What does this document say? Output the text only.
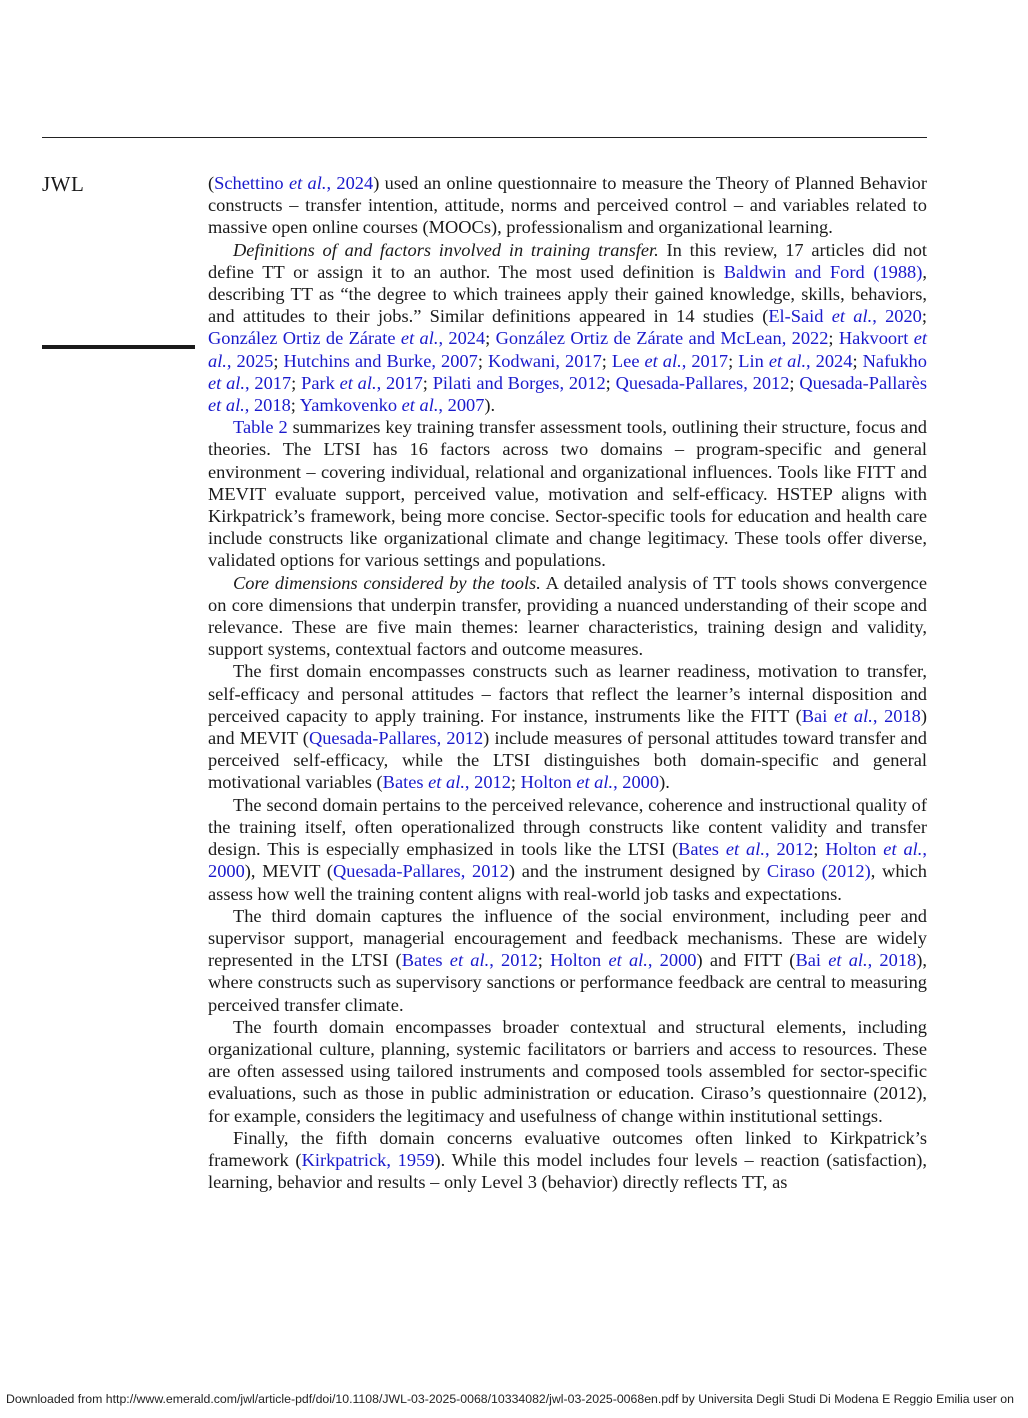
JWL	(Schettino et al., 2024) used an online questionnaire to measure the Theory of Planned Behavior constructs – transfer intention, attitude, norms and perceived control – and variables related to massive open online courses (MOOCs), professionalism and organizational learning.

Definitions of and factors involved in training transfer. In this review, 17 articles did not define TT or assign it to an author. The most used definition is Baldwin and Ford (1988), describing TT as “the degree to which trainees apply their gained knowledge, skills, behaviors, and attitudes to their jobs.” Similar definitions appeared in 14 studies (El-Said et al., 2020; González Ortiz de Zárate et al., 2024; González Ortiz de Zárate and McLean, 2022; Hakvoort et al., 2025; Hutchins and Burke, 2007; Kodwani, 2017; Lee et al., 2017; Lin et al., 2024; Nafukho et al., 2017; Park et al., 2017; Pilati and Borges, 2012; Quesada-Pallares, 2012; Quesada-Pallarès et al., 2018; Yamkovenko et al., 2007).

Table 2 summarizes key training transfer assessment tools, outlining their structure, focus and theories. The LTSI has 16 factors across two domains – program-specific and general environment – covering individual, relational and organizational influences. Tools like FITT and MEVIT evaluate support, perceived value, motivation and self-efficacy. HSTEP aligns with Kirkpatrick’s framework, being more concise. Sector-specific tools for education and health care include constructs like organizational climate and change legitimacy. These tools offer diverse, validated options for various settings and populations.

Core dimensions considered by the tools. A detailed analysis of TT tools shows convergence on core dimensions that underpin transfer, providing a nuanced understanding of their scope and relevance. These are five main themes: learner characteristics, training design and validity, support systems, contextual factors and outcome measures.

The first domain encompasses constructs such as learner readiness, motivation to transfer, self-efficacy and personal attitudes – factors that reflect the learner’s internal disposition and perceived capacity to apply training. For instance, instruments like the FITT (Bai et al., 2018) and MEVIT (Quesada-Pallares, 2012) include measures of personal attitudes toward transfer and perceived self-efficacy, while the LTSI distinguishes both domain-specific and general motivational variables (Bates et al., 2012; Holton et al., 2000).

The second domain pertains to the perceived relevance, coherence and instructional quality of the training itself, often operationalized through constructs like content validity and transfer design. This is especially emphasized in tools like the LTSI (Bates et al., 2012; Holton et al., 2000), MEVIT (Quesada-Pallares, 2012) and the instrument designed by Ciraso (2012), which assess how well the training content aligns with real-world job tasks and expectations.

The third domain captures the influence of the social environment, including peer and supervisor support, managerial encouragement and feedback mechanisms. These are widely represented in the LTSI (Bates et al., 2012; Holton et al., 2000) and FITT (Bai et al., 2018), where constructs such as supervisory sanctions or performance feedback are central to measuring perceived transfer climate.

The fourth domain encompasses broader contextual and structural elements, including organizational culture, planning, systemic facilitators or barriers and access to resources. These are often assessed using tailored instruments and composed tools assembled for sector-specific evaluations, such as those in public administration or education. Ciraso’s questionnaire (2012), for example, considers the legitimacy and usefulness of change within institutional settings.

Finally, the fifth domain concerns evaluative outcomes often linked to Kirkpatrick’s framework (Kirkpatrick, 1959). While this model includes four levels – reaction (satisfaction), learning, behavior and results – only Level 3 (behavior) directly reflects TT, as

Downloaded from http://www.emerald.com/jwl/article-pdf/doi/10.1108/JWL-03-2025-0068/10334082/jwl-03-2025-0068en.pdf by Universita Degli Studi Di Modena E Reggio Emilia user on
